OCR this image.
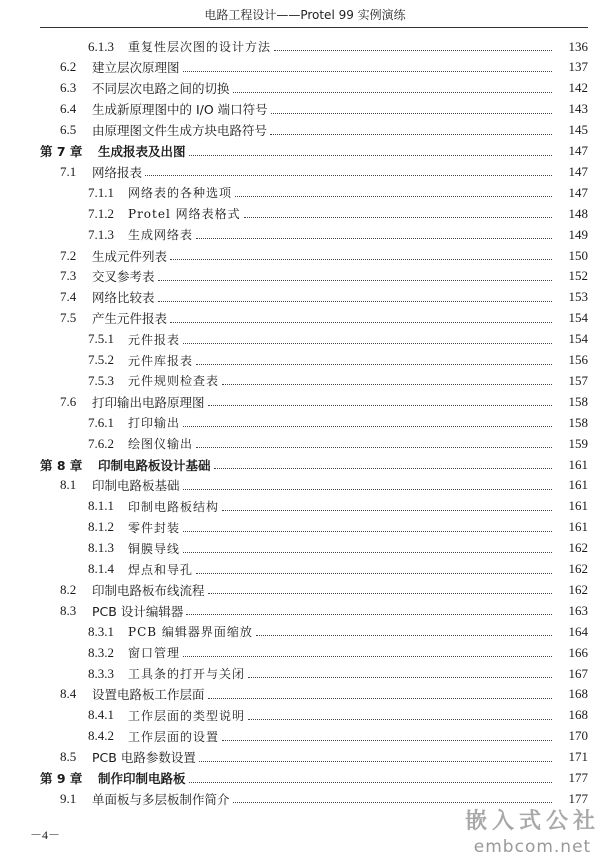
电路工程设计——Protel 99 实例演练
6.1.3 重复性层次图的设计方法	136
6.2 建立层次原理图	137
6.3 不同层次电路之间的切换	142
6.4 生成新原理图中的 I/O 端口符号	143
6.5 由原理图文件生成方块电路符号	145
第 7 章 生成报表及出图	147
7.1 网络报表	147
7.1.1 网络表的各种选项	147
7.1.2 Protel 网络表格式	148
7.1.3 生成网络表	149
7.2 生成元件列表	150
7.3 交叉参考表	152
7.4 网络比较表	153
7.5 产生元件报表	154
7.5.1 元件报表	154
7.5.2 元件库报表	156
7.5.3 元件规则检查表	157
7.6 打印输出电路原理图	158
7.6.1 打印输出	158
7.6.2 绘图仪输出	159
第 8 章 印制电路板设计基础	161
8.1 印制电路板基础	161
8.1.1 印制电路板结构	161
8.1.2 零件封装	161
8.1.3 铜膜导线	162
8.1.4 焊点和导孔	162
8.2 印制电路板布线流程	162
8.3 PCB 设计编辑器	163
8.3.1 PCB 编辑器界面缩放	164
8.3.2 窗口管理	166
8.3.3 工具条的打开与关闭	167
8.4 设置电路板工作层面	168
8.4.1 工作层面的类型说明	168
8.4.2 工作层面的设置	170
8.5 PCB 电路参数设置	171
第 9 章 制作印制电路板	177
9.1 单面板与多层板制作简介	177
－4－
嵌入式公社
embcom.net
